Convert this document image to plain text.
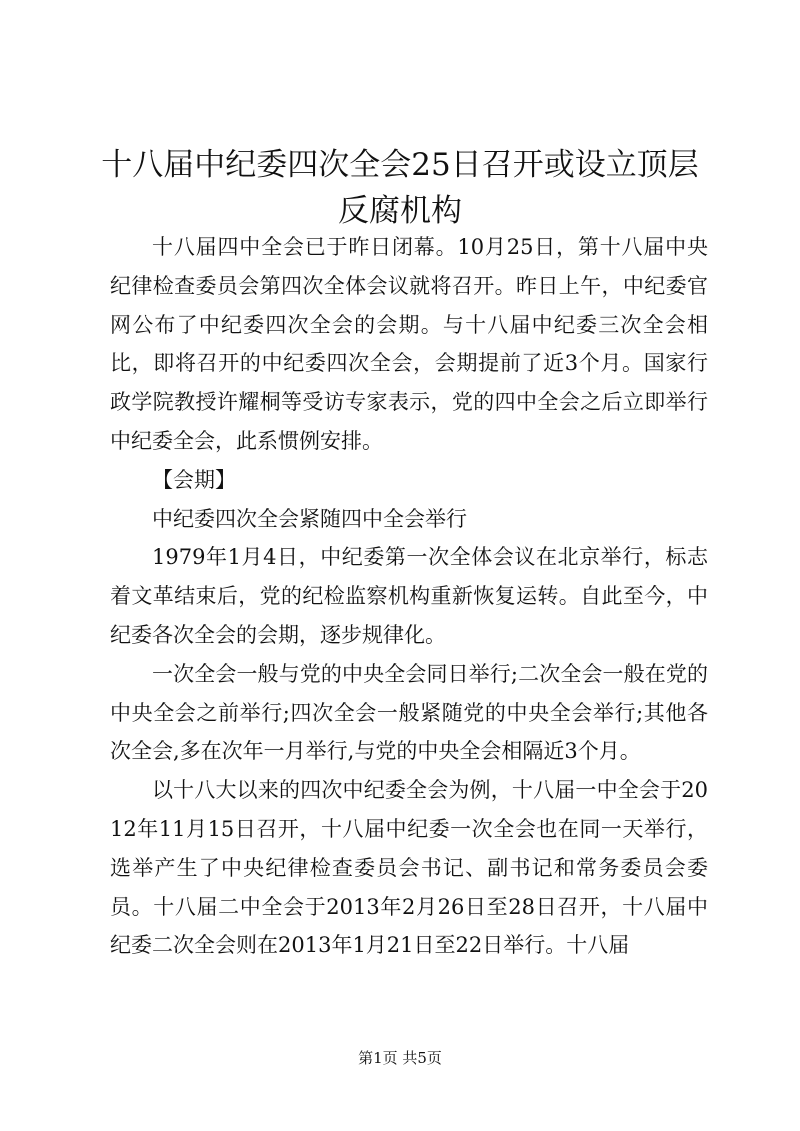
十八届中纪委四次全会25日召开或设立顶层
反腐机构

十八届四中全会已于昨日闭幕。10月25日，第十八届中央纪律检查委员会第四次全体会议就将召开。昨日上午，中纪委官网公布了中纪委四次全会的会期。与十八届中纪委三次全会相比，即将召开的中纪委四次全会，会期提前了近3个月。国家行政学院教授许耀桐等受访专家表示，党的四中全会之后立即举行中纪委全会，此系惯例安排。

【会期】

中纪委四次全会紧随四中全会举行

1979年1月4日，中纪委第一次全体会议在北京举行，标志着文革结束后，党的纪检监察机构重新恢复运转。自此至今，中纪委各次全会的会期，逐步规律化。

一次全会一般与党的中央全会同日举行;二次全会一般在党的中央全会之前举行;四次全会一般紧随党的中央全会举行;其他各次全会,多在次年一月举行,与党的中央全会相隔近3个月。

以十八大以来的四次中纪委全会为例，十八届一中全会于2012年11月15日召开，十八届中纪委一次全会也在同一天举行，选举产生了中央纪律检查委员会书记、副书记和常务委员会委员。十八届二中全会于2013年2月26日至28日召开，十八届中纪委二次全会则在2013年1月21日至22日举行。十八届

第1页 共5页
